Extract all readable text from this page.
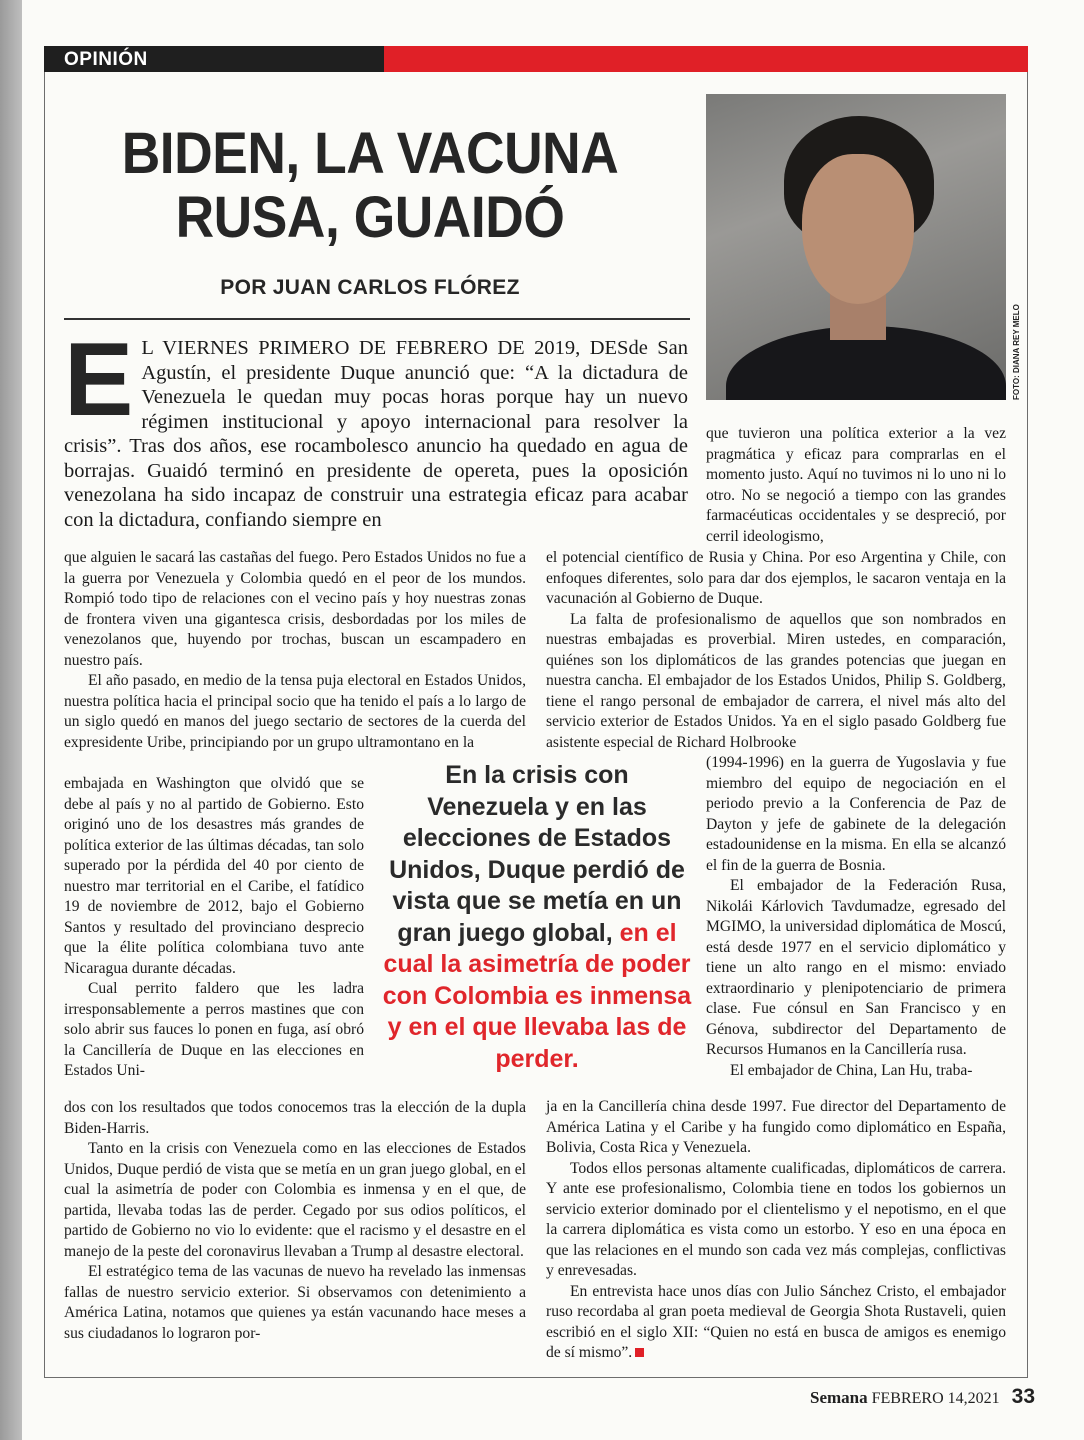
OPINIÓN
BIDEN, LA VACUNA RUSA, GUAIDÓ
POR JUAN CARLOS FLÓREZ
FOTO: DIANA REY MELO
E L VIERNES PRIMERO DE FEBRERO DE 2019, DESde San Agustín, el presidente Duque anunció que: “A la dictadura de Venezuela le quedan muy pocas horas porque hay un nuevo régimen institucional y apoyo internacional para resolver la crisis”. Tras dos años, ese rocambolesco anuncio ha quedado en agua de borrajas. Guaidó terminó en presidente de opereta, pues la oposición venezolana ha sido incapaz de construir una estrategia eficaz para acabar con la dictadura, confiando siempre en

que alguien le sacará las castañas del fuego. Pero Estados Unidos no fue a la guerra por Venezuela y Colombia quedó en el peor de los mundos. Rompió todo tipo de relaciones con el vecino país y hoy nuestras zonas de frontera viven una gigantesca crisis, desbordadas por los miles de venezolanos que, huyendo por trochas, buscan un escampadero en nuestro país.

El año pasado, en medio de la tensa puja electoral en Estados Unidos, nuestra política hacia el principal socio que ha tenido el país a lo largo de un siglo quedó en manos del juego sectario de sectores de la cuerda del expresidente Uribe, principiando por un grupo ultramontano en la

embajada en Washington que olvidó que se debe al país y no al partido de Gobierno. Esto originó uno de los desastres más grandes de política exterior de las últimas décadas, tan solo superado por la pérdida del 40 por ciento de nuestro mar territorial en el Caribe, el fatídico 19 de noviembre de 2012, bajo el Gobierno Santos y resultado del provinciano desprecio que la élite política colombiana tuvo ante Nicaragua durante décadas.

Cual perrito faldero que les ladra irresponsablemente a perros mastines que con solo abrir sus fauces lo ponen en fuga, así obró la Cancillería de Duque en las elecciones en Estados Uni-

dos con los resultados que todos conocemos tras la elección de la dupla Biden-Harris.

Tanto en la crisis con Venezuela como en las elecciones de Estados Unidos, Duque perdió de vista que se metía en un gran juego global, en el cual la asimetría de poder con Colombia es inmensa y en el que, de partida, llevaba todas las de perder. Cegado por sus odios políticos, el partido de Gobierno no vio lo evidente: que el racismo y el desastre en el manejo de la peste del coronavirus llevaban a Trump al desastre electoral.

El estratégico tema de las vacunas de nuevo ha revelado las inmensas fallas de nuestro servicio exterior. Si observamos con detenimiento a América Latina, notamos que quienes ya están vacunando hace meses a sus ciudadanos lo lograron por-

que tuvieron una política exterior a la vez pragmática y eficaz para comprarlas en el momento justo. Aquí no tuvimos ni lo uno ni lo otro. No se negoció a tiempo con las grandes farmacéuticas occidentales y se despreció, por cerril ideologismo,

el potencial científico de Rusia y China. Por eso Argentina y Chile, con enfoques diferentes, solo para dar dos ejemplos, le sacaron ventaja en la vacunación al Gobierno de Duque.

La falta de profesionalismo de aquellos que son nombrados en nuestras embajadas es proverbial. Miren ustedes, en comparación, quiénes son los diplomáticos de las grandes potencias que juegan en nuestra cancha. El embajador de los Estados Unidos, Philip S. Goldberg, tiene el rango personal de embajador de carrera, el nivel más alto del servicio exterior de Estados Unidos. Ya en el siglo pasado Goldberg fue asistente especial de Richard Holbrooke

(1994-1996) en la guerra de Yugoslavia y fue miembro del equipo de negociación en el periodo previo a la Conferencia de Paz de Dayton y jefe de gabinete de la delegación estadounidense en la misma. En ella se alcanzó el fin de la guerra de Bosnia.

El embajador de la Federación Rusa, Nikolái Kárlovich Tavdumadze, egresado del MGIMO, la universidad diplomática de Moscú, está desde 1977 en el servicio diplomático y tiene un alto rango en el mismo: enviado extraordinario y plenipotenciario de primera clase. Fue cónsul en San Francisco y en Génova, subdirector del Departamento de Recursos Humanos en la Cancillería rusa.

El embajador de China, Lan Hu, traba-

ja en la Cancillería china desde 1997. Fue director del Departamento de América Latina y el Caribe y ha fungido como diplomático en España, Bolivia, Costa Rica y Venezuela.

Todos ellos personas altamente cualificadas, diplomáticos de carrera. Y ante ese profesionalismo, Colombia tiene en todos los gobiernos un servicio exterior dominado por el clientelismo y el nepotismo, en el que la carrera diplomática es vista como un estorbo. Y eso en una época en que las relaciones en el mundo son cada vez más complejas, conflictivas y enrevesadas.

En entrevista hace unos días con Julio Sánchez Cristo, el embajador ruso recordaba al gran poeta medieval de Georgia Shota Rustaveli, quien escribió en el siglo XII: “Quien no está en busca de amigos es enemigo de sí mismo”.

En la crisis con Venezuela y en las elecciones de Estados Unidos, Duque perdió de vista que se metía en un gran juego global, en el cual la asimetría de poder con Colombia es inmensa y en el que llevaba las de perder.
Semana FEBRERO 14,2021 33
